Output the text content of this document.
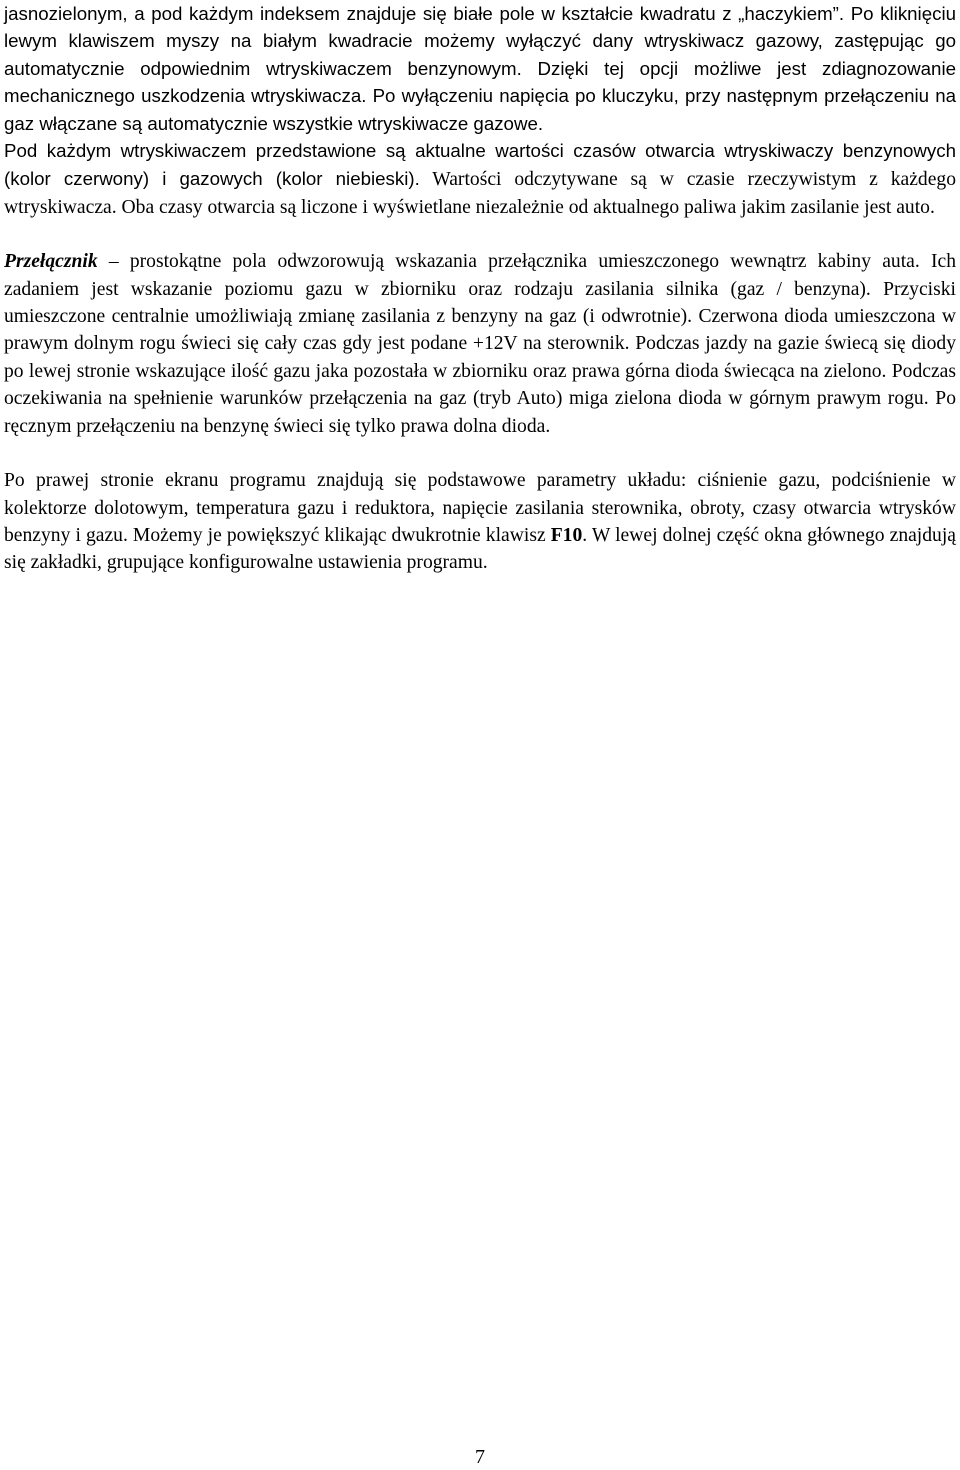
jasnozielonym, a pod każdym indeksem znajduje się białe pole w kształcie kwadratu z „haczykiem”. Po kliknięciu lewym klawiszem myszy na białym kwadracie możemy wyłączyć dany wtryskiwacz gazowy, zastępując go automatycznie odpowiednim wtryskiwaczem benzynowym. Dzięki tej opcji możliwe jest zdiagnozowanie mechanicznego uszkodzenia wtryskiwacza. Po wyłączeniu napięcia po kluczyku, przy następnym przełączeniu na gaz włączane są automatycznie wszystkie wtryskiwacze gazowe.

Pod każdym wtryskiwaczem przedstawione są aktualne wartości czasów otwarcia wtryskiwaczy benzynowych (kolor czerwony) i gazowych (kolor niebieski). Wartości odczytywane są w czasie rzeczywistym z każdego wtryskiwacza. Oba czasy otwarcia są liczone i wyświetlane niezależnie od aktualnego paliwa jakim zasilanie jest auto.

Przełącznik – prostokątne pola odwzorowują wskazania przełącznika umieszczonego wewnątrz kabiny auta. Ich zadaniem jest wskazanie poziomu gazu w zbiorniku oraz rodzaju zasilania silnika (gaz / benzyna). Przyciski umieszczone centralnie umożliwiają zmianę zasilania z benzyny na gaz (i odwrotnie). Czerwona dioda umieszczona w prawym dolnym rogu świeci się cały czas gdy jest podane +12V na sterownik. Podczas jazdy na gazie świecą się diody po lewej stronie wskazujące ilość gazu jaka pozostała w zbiorniku oraz prawa górna dioda świecąca na zielono. Podczas oczekiwania na spełnienie warunków przełączenia na gaz (tryb Auto) miga zielona dioda w górnym prawym rogu. Po ręcznym przełączeniu na benzynę świeci się tylko prawa dolna dioda.

Po prawej stronie ekranu programu znajdują się podstawowe parametry układu: ciśnienie gazu, podciśnienie w kolektorze dolotowym, temperatura gazu i reduktora, napięcie zasilania sterownika, obroty, czasy otwarcia wtrysków benzyny i gazu. Możemy je powiększyć klikając dwukrotnie klawisz F10. W lewej dolnej część okna głównego znajdują się zakładki, grupujące konfigurowalne ustawienia programu.

7
